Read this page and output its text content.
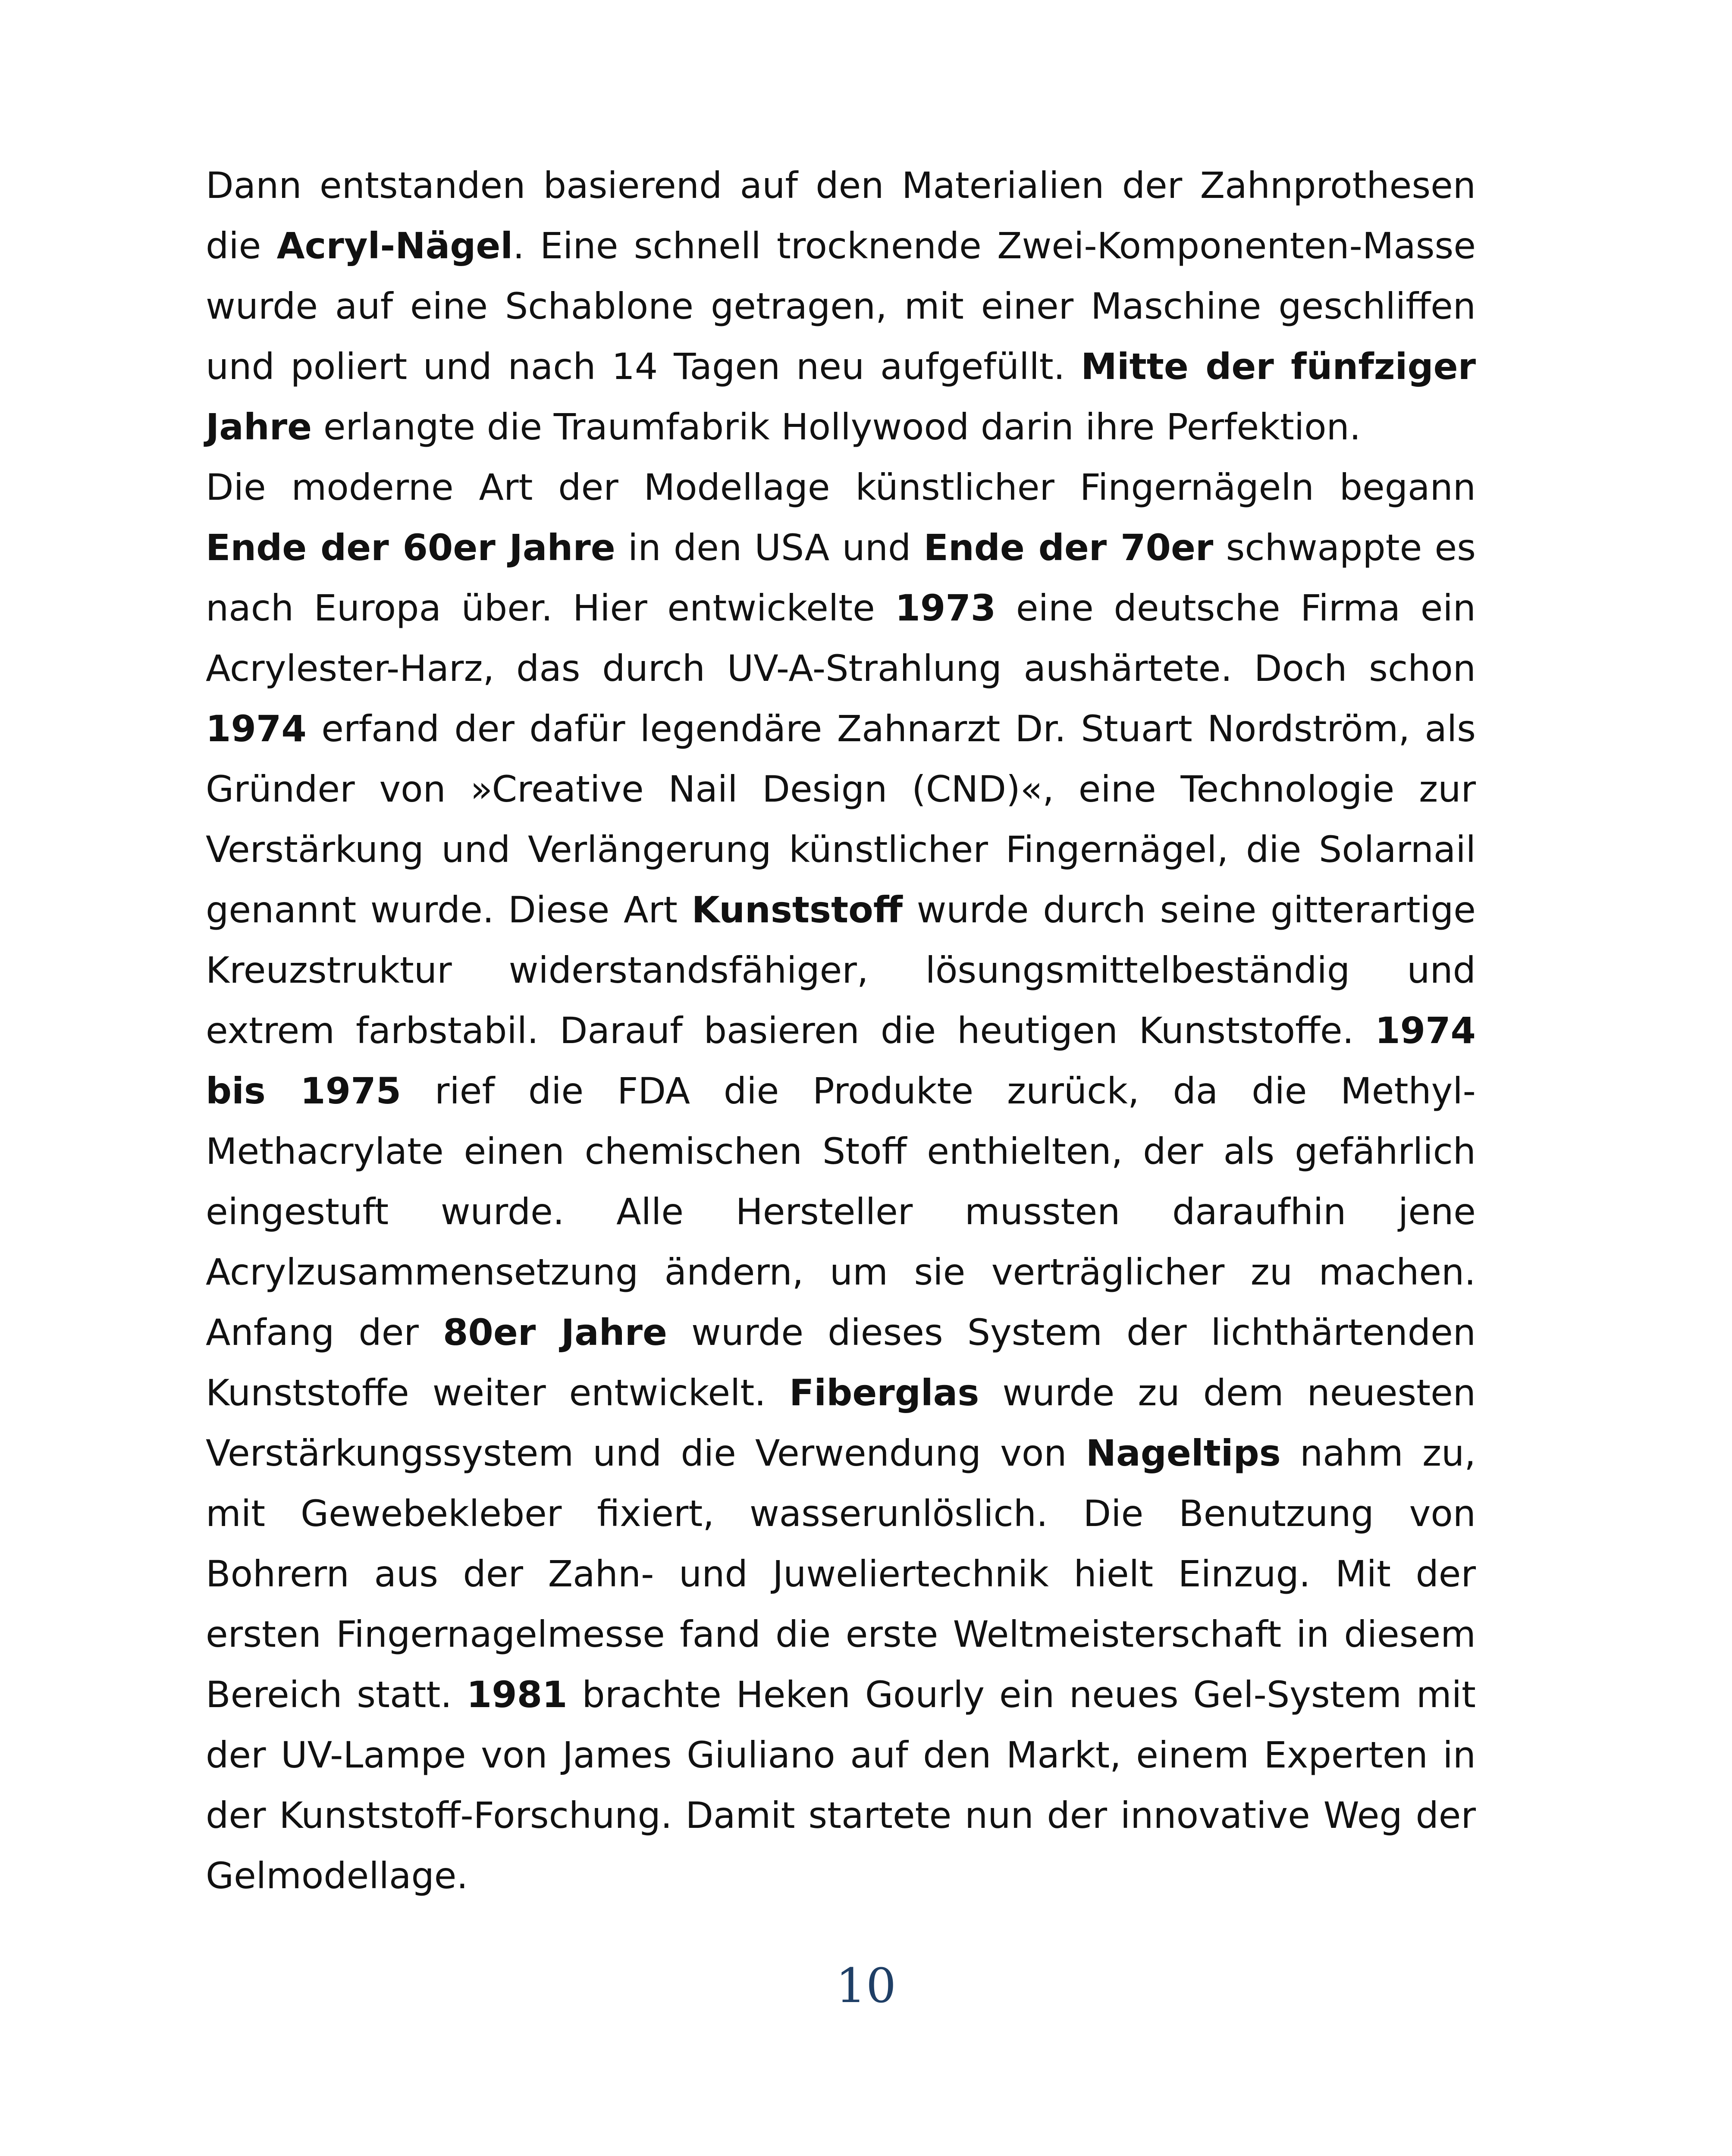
Dann entstanden basierend auf den Materialien der Zahnprothesen die Acryl-Nägel. Eine schnell trocknende Zwei-Komponenten-Masse wurde auf eine Schablone getragen, mit einer Maschine geschliffen und poliert und nach 14 Tagen neu aufgefüllt. Mitte der fünfziger Jahre erlangte die Traumfabrik Hollywood darin ihre Perfektion.

Die moderne Art der Modellage künstlicher Fingernägeln begann Ende der 60er Jahre in den USA und Ende der 70er schwappte es nach Europa über. Hier entwickelte 1973 eine deutsche Firma ein Acrylester-Harz, das durch UV-A-Strahlung aushärtete. Doch schon 1974 erfand der dafür legendäre Zahnarzt Dr. Stuart Nordström, als Gründer von »Creative Nail Design (CND)«, eine Technologie zur Verstärkung und Verlängerung künstlicher Fingernägel, die Solarnail genannt wurde. Diese Art Kunststoff wurde durch seine gitterartige Kreuzstruktur widerstandsfähiger, lösungsmittelbeständig und extrem farbstabil. Darauf basieren die heutigen Kunststoffe. 1974 bis 1975 rief die FDA die Produkte zurück, da die Methyl- Methacrylate einen chemischen Stoff enthielten, der als gefährlich eingestuft wurde. Alle Hersteller mussten daraufhin jene Acrylzusammensetzung ändern, um sie verträglicher zu machen. Anfang der 80er Jahre wurde dieses System der lichthärtenden Kunststoffe weiter entwickelt. Fiberglas wurde zu dem neuesten Verstärkungssystem und die Verwendung von Nageltips nahm zu, mit Gewebekleber fixiert, wasserunlöslich. Die Benutzung von Bohrern aus der Zahn- und Juweliertechnik hielt Einzug. Mit der ersten Fingernagelmesse fand die erste Weltmeisterschaft in diesem Bereich statt. 1981 brachte Heken Gourly ein neues Gel-System mit der UV-Lampe von James Giuliano auf den Markt, einem Experten in der Kunststoff-Forschung. Damit startete nun der innovative Weg der Gelmodellage.

10
